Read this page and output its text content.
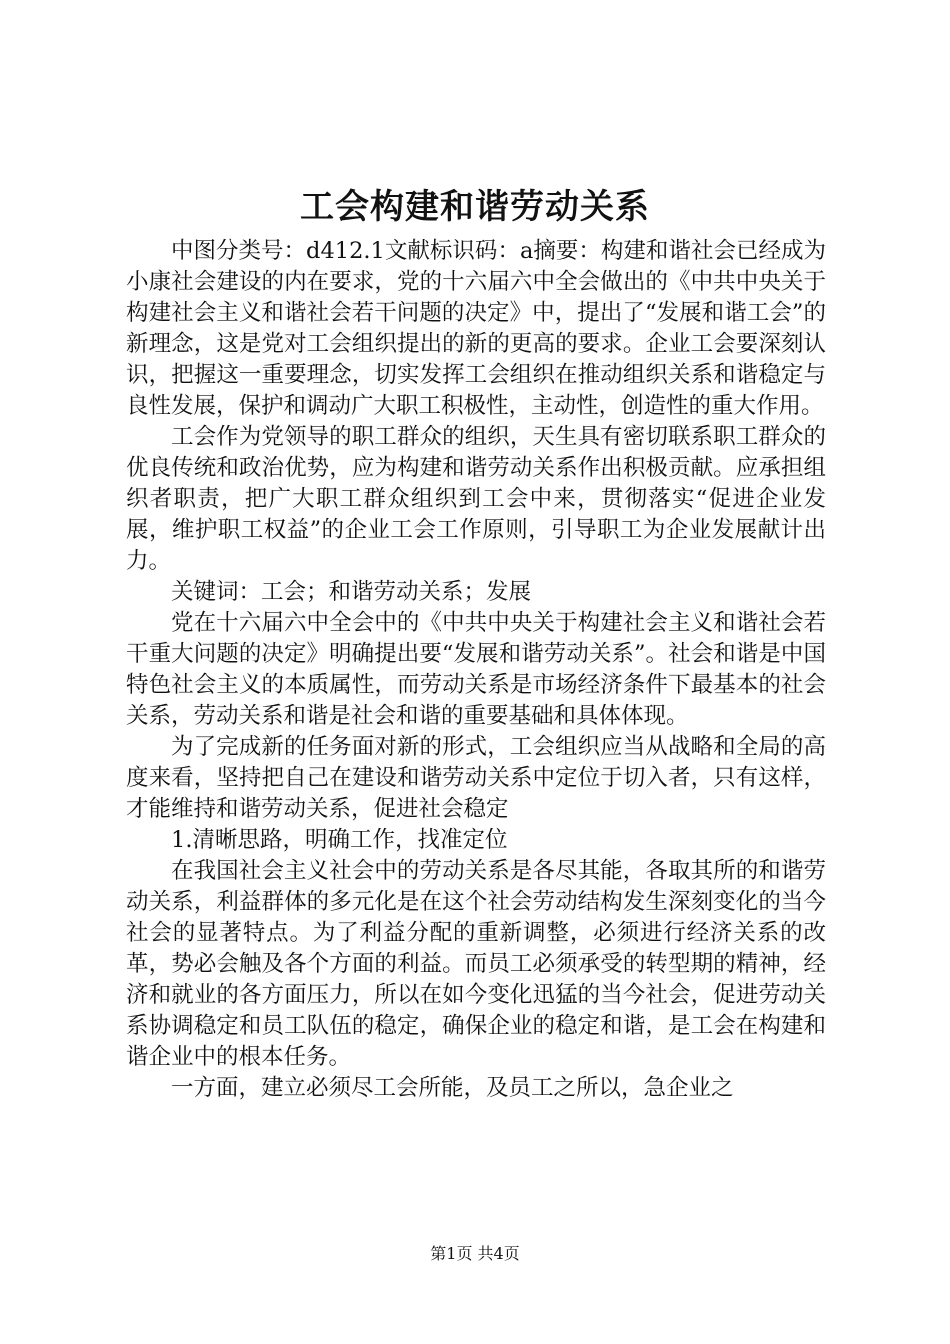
工会构建和谐劳动关系

中图分类号：d412.1文献标识码：a摘要：构建和谐社会已经成为小康社会建设的内在要求，党的十六届六中全会做出的《中共中央关于构建社会主义和谐社会若干问题的决定》中，提出了“发展和谐工会”的新理念，这是党对工会组织提出的新的更高的要求。企业工会要深刻认识，把握这一重要理念，切实发挥工会组织在推动组织关系和谐稳定与良性发展，保护和调动广大职工积极性，主动性，创造性的重大作用。

工会作为党领导的职工群众的组织，天生具有密切联系职工群众的优良传统和政治优势，应为构建和谐劳动关系作出积极贡献。应承担组织者职责，把广大职工群众组织到工会中来，贯彻落实“促进企业发展，维护职工权益”的企业工会工作原则，引导职工为企业发展献计出力。

关键词：工会；和谐劳动关系；发展

党在十六届六中全会中的《中共中央关于构建社会主义和谐社会若干重大问题的决定》明确提出要“发展和谐劳动关系”。社会和谐是中国特色社会主义的本质属性，而劳动关系是市场经济条件下最基本的社会关系，劳动关系和谐是社会和谐的重要基础和具体体现。

为了完成新的任务面对新的形式，工会组织应当从战略和全局的高度来看，坚持把自己在建设和谐劳动关系中定位于切入者，只有这样，才能维持和谐劳动关系，促进社会稳定

1.清晰思路，明确工作，找准定位

在我国社会主义社会中的劳动关系是各尽其能，各取其所的和谐劳动关系，利益群体的多元化是在这个社会劳动结构发生深刻变化的当今社会的显著特点。为了利益分配的重新调整，必须进行经济关系的改革，势必会触及各个方面的利益。而员工必须承受的转型期的精神，经济和就业的各方面压力，所以在如今变化迅猛的当今社会，促进劳动关系协调稳定和员工队伍的稳定，确保企业的稳定和谐，是工会在构建和谐企业中的根本任务。

一方面，建立必须尽工会所能，及员工之所以，急企业之

第1页 共4页
